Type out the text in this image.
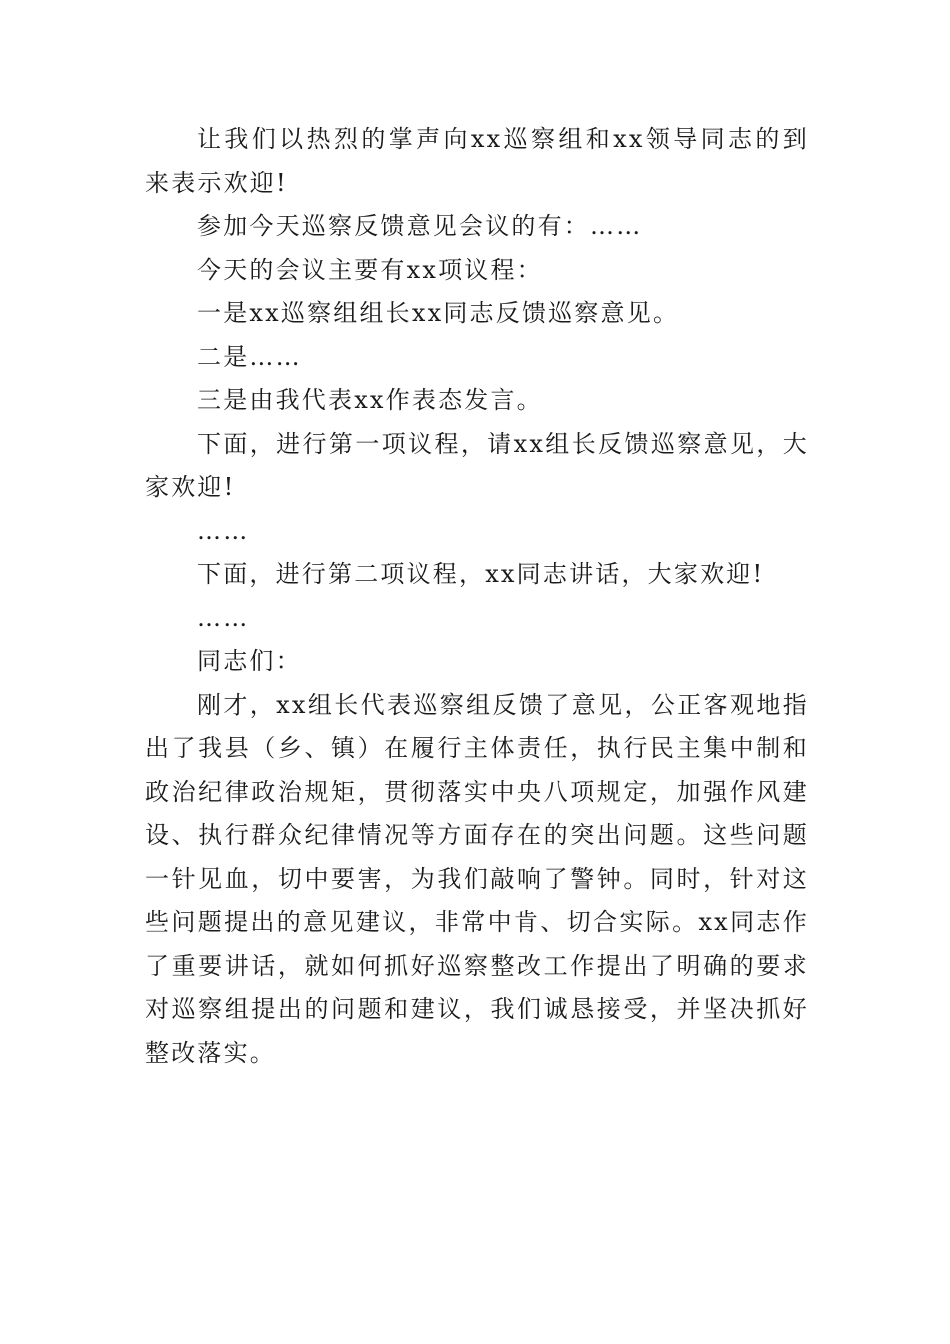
让我们以热烈的掌声向xx巡察组和xx领导同志的到来表示欢迎!

参加今天巡察反馈意见会议的有：……

今天的会议主要有xx项议程：

一是xx巡察组组长xx同志反馈巡察意见。

二是……

三是由我代表xx作表态发言。

下面，进行第一项议程，请xx组长反馈巡察意见，大家欢迎!

……

下面，进行第二项议程，xx同志讲话，大家欢迎!

……

同志们：

刚才，xx组长代表巡察组反馈了意见，公正客观地指出了我县（乡、镇）在履行主体责任，执行民主集中制和政治纪律政治规矩，贯彻落实中央八项规定，加强作风建设、执行群众纪律情况等方面存在的突出问题。这些问题一针见血，切中要害，为我们敲响了警钟。同时，针对这些问题提出的意见建议，非常中肯、切合实际。xx同志作了重要讲话，就如何抓好巡察整改工作提出了明确的要求对巡察组提出的问题和建议，我们诚恳接受，并坚决抓好整改落实。
